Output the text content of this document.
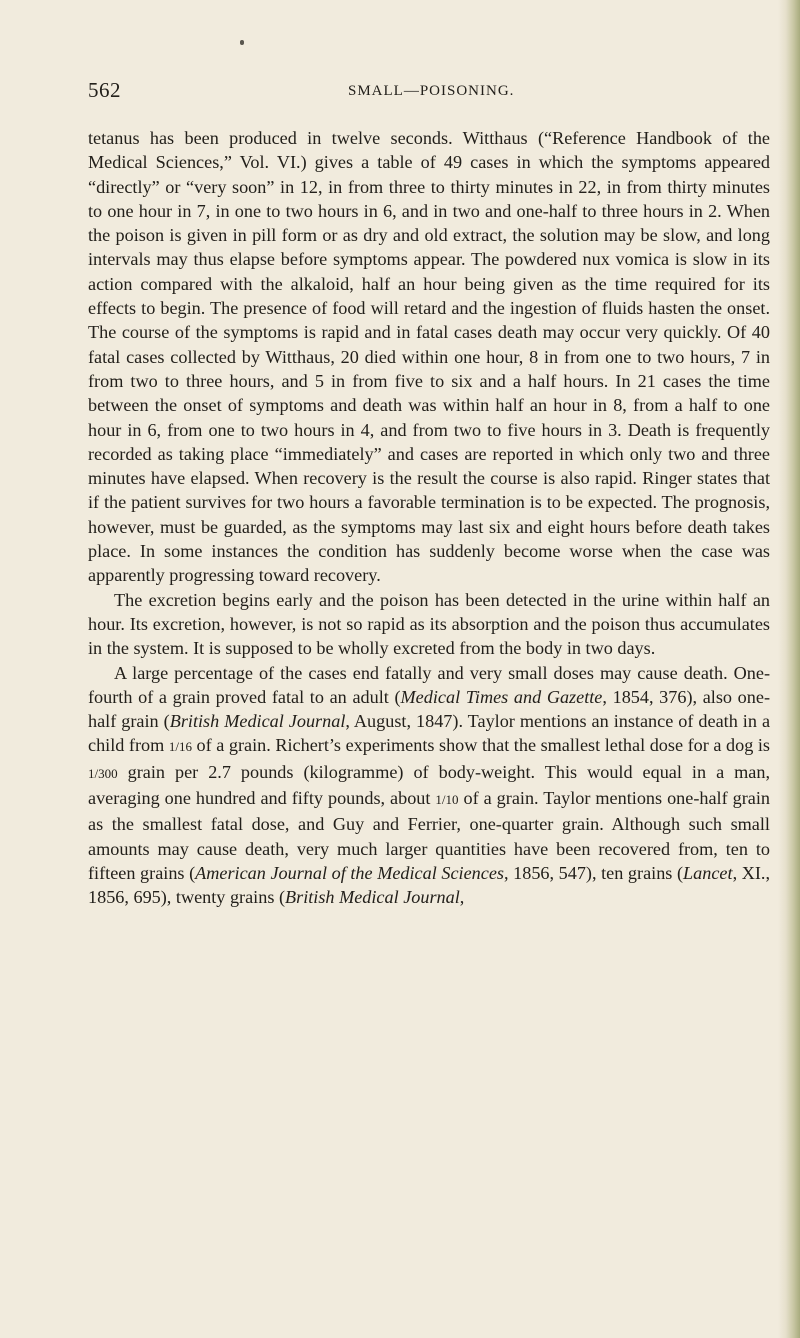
562	SMALL—POISONING.

tetanus has been produced in twelve seconds. Witthaus (“Reference Handbook of the Medical Sciences,” Vol. VI.) gives a table of 49 cases in which the symptoms appeared “directly” or “very soon” in 12, in from three to thirty minutes in 22, in from thirty minutes to one hour in 7, in one to two hours in 6, and in two and one-half to three hours in 2. When the poison is given in pill form or as dry and old extract, the solution may be slow, and long intervals may thus elapse before symptoms appear. The powdered nux vomica is slow in its action compared with the alkaloid, half an hour being given as the time required for its effects to begin. The presence of food will retard and the ingestion of fluids hasten the onset. The course of the symptoms is rapid and in fatal cases death may occur very quickly. Of 40 fatal cases collected by Witthaus, 20 died within one hour, 8 in from one to two hours, 7 in from two to three hours, and 5 in from five to six and a half hours. In 21 cases the time between the onset of symptoms and death was within half an hour in 8, from a half to one hour in 6, from one to two hours in 4, and from two to five hours in 3. Death is frequently recorded as taking place “immediately” and cases are reported in which only two and three minutes have elapsed. When recovery is the result the course is also rapid. Ringer states that if the patient survives for two hours a favorable termination is to be expected. The prognosis, however, must be guarded, as the symptoms may last six and eight hours before death takes place. In some instances the condition has suddenly become worse when the case was apparently progressing toward recovery.

The excretion begins early and the poison has been detected in the urine within half an hour. Its excretion, however, is not so rapid as its absorption and the poison thus accumulates in the system. It is supposed to be wholly excreted from the body in two days.

A large percentage of the cases end fatally and very small doses may cause death. One-fourth of a grain proved fatal to an adult (Medical Times and Gazette, 1854, 376), also one-half grain (British Medical Journal, August, 1847). Taylor mentions an instance of death in a child from 1/16 of a grain. Richert’s experiments show that the smallest lethal dose for a dog is 1/300 grain per 2.7 pounds (kilogramme) of body-weight. This would equal in a man, averaging one hundred and fifty pounds, about 1/10 of a grain. Taylor mentions one-half grain as the smallest fatal dose, and Guy and Ferrier, one-quarter grain. Although such small amounts may cause death, very much larger quantities have been recovered from, ten to fifteen grains (American Journal of the Medical Sciences, 1856, 547), ten grains (Lancet, XI., 1856, 695), twenty grains (British Medical Journal,
